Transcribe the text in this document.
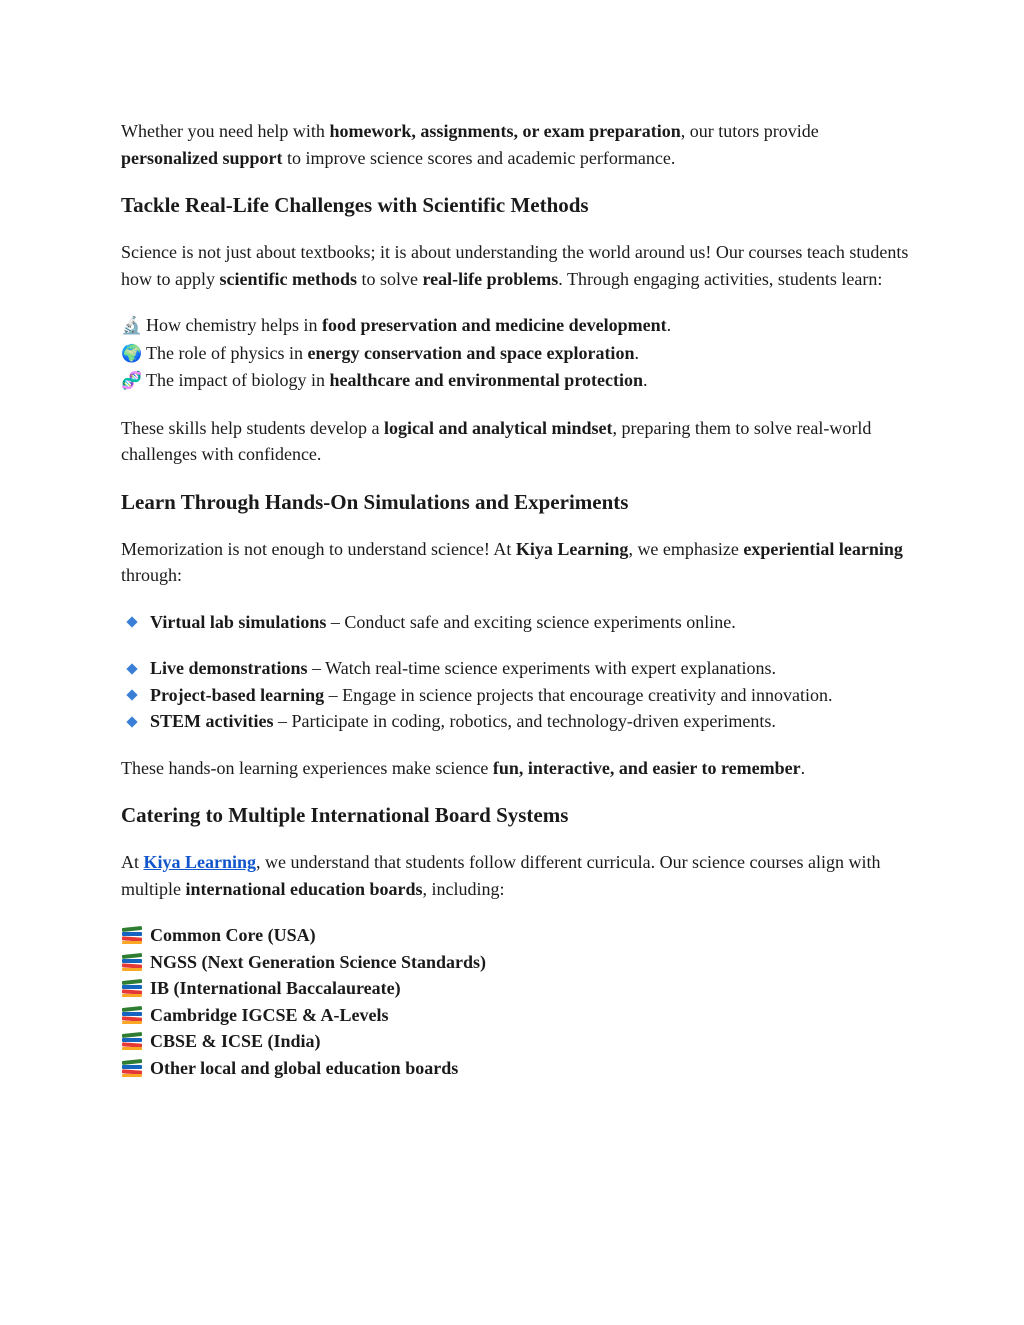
Whether you need help with homework, assignments, or exam preparation, our tutors provide personalized support to improve science scores and academic performance.

Tackle Real-Life Challenges with Scientific Methods

Science is not just about textbooks; it is about understanding the world around us! Our courses teach students how to apply scientific methods to solve real-life problems. Through engaging activities, students learn:

🔬 How chemistry helps in food preservation and medicine development.
🌍 The role of physics in energy conservation and space exploration.
🧬 The impact of biology in healthcare and environmental protection.

These skills help students develop a logical and analytical mindset, preparing them to solve real-world challenges with confidence.

Learn Through Hands-On Simulations and Experiments

Memorization is not enough to understand science! At Kiya Learning, we emphasize experiential learning through:

Virtual lab simulations – Conduct safe and exciting science experiments online.
Live demonstrations – Watch real-time science experiments with expert explanations.
Project-based learning – Engage in science projects that encourage creativity and innovation.
STEM activities – Participate in coding, robotics, and technology-driven experiments.

These hands-on learning experiences make science fun, interactive, and easier to remember.

Catering to Multiple International Board Systems

At Kiya Learning, we understand that students follow different curricula. Our science courses align with multiple international education boards, including:

Common Core (USA)
NGSS (Next Generation Science Standards)
IB (International Baccalaureate)
Cambridge IGCSE & A-Levels
CBSE & ICSE (India)
Other local and global education boards
